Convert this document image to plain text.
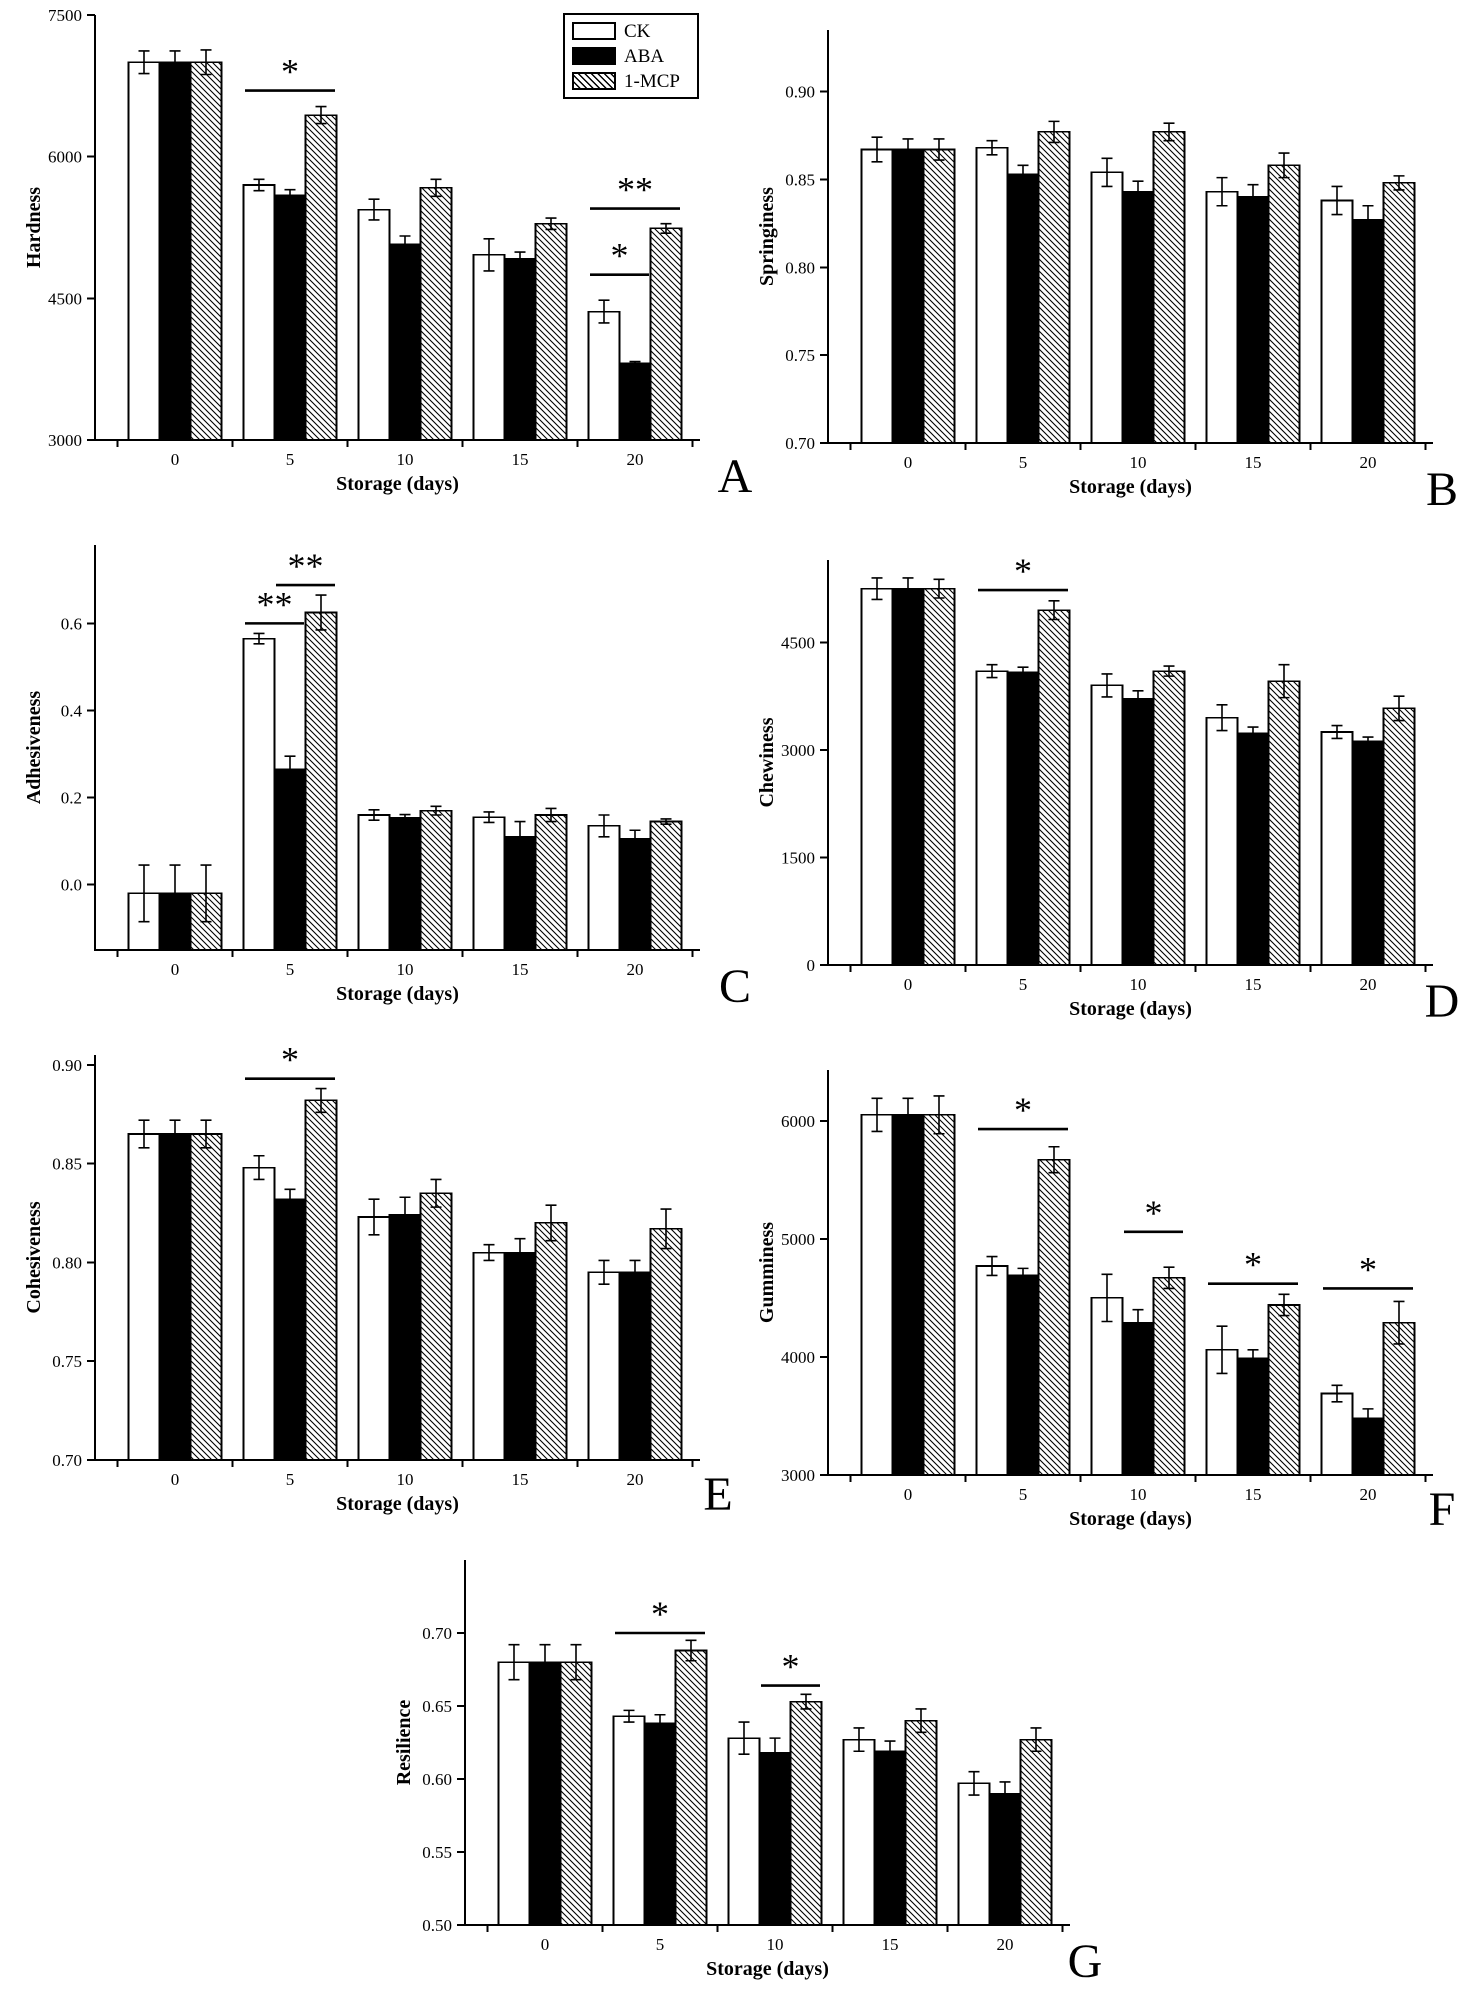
3000
4500
6000
7500
0	5	10	15	20
Storage (days)
Hardness
*
**
*
A
0.70
0.75
0.80
0.85
0.90
0	5	10	15	20
Storage (days)
Springiness
B
0.0
0.2
0.4
0.6
0	5	10	15	20
Storage (days)
Adhesiveness
**
**
C	0
1500
3000
4500
0	5	10	15	20
Storage (days)
Chewiness
*
D
0.70
0.75
0.80
0.85
0.90
0	5	10	15	20
Storage (days)
Cohesiveness
*
E	3000
4000
5000
6000
0	5	10	15	20
Storage (days)
Gumminess
*
*
*	*
F
0.50
0.55
0.60
0.65
0.70
0	5	10	15	20
Storage (days)
Resilience
*
*
G
CK
ABA
1-MCP
